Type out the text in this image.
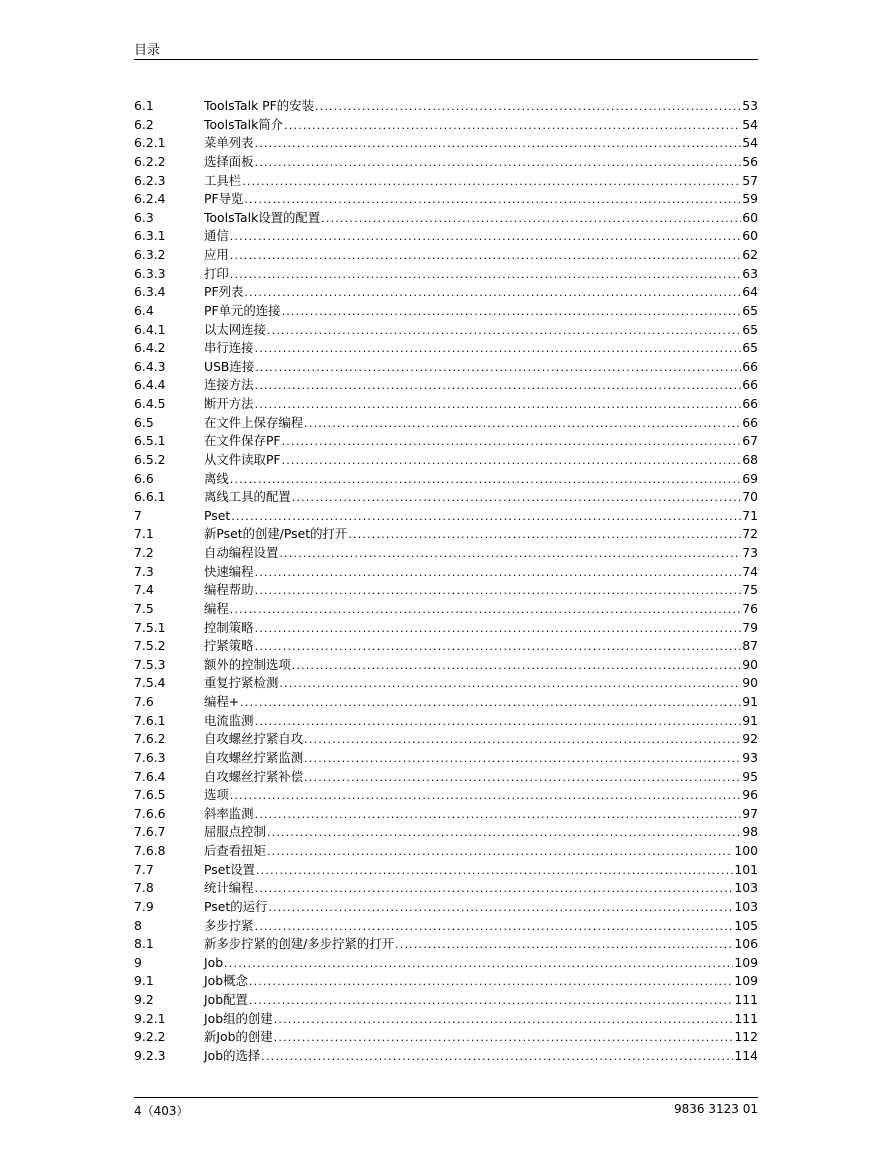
目录
6.1	ToolsTalk PF的安装 .....	53
6.2	ToolsTalk简介 .....	54
6.2.1	菜单列表 .....	54
6.2.2	选择面板 .....	56
6.2.3	工具栏 .....	57
6.2.4	PF导览 .....	59
6.3	ToolsTalk设置的配置 .....	60
6.3.1	通信 .....	60
6.3.2	应用 .....	62
6.3.3	打印 .....	63
6.3.4	PF列表 .....	64
6.4	PF单元的连接 .....	65
6.4.1	以太网连接 .....	65
6.4.2	串行连接 .....	65
6.4.3	USB连接 .....	66
6.4.4	连接方法 .....	66
6.4.5	断开方法 .....	66
6.5	在文件上保存编程 .....	66
6.5.1	在文件保存PF .....	67
6.5.2	从文件读取PF .....	68
6.6	离线 .....	69
6.6.1	离线工具的配置 .....	70
7	Pset .....	71
7.1	新Pset的创建/Pset的打开 .....	72
7.2	自动编程设置 .....	73
7.3	快速编程 .....	74
7.4	编程帮助 .....	75
7.5	编程 .....	76
7.5.1	控制策略 .....	79
7.5.2	拧紧策略 .....	87
7.5.3	额外的控制选项 .....	90
7.5.4	重复拧紧检测 .....	90
7.6	编程+ .....	91
7.6.1	电流监测 .....	91
7.6.2	自攻螺丝拧紧自攻 .....	92
7.6.3	自攻螺丝拧紧监测 .....	93
7.6.4	自攻螺丝拧紧补偿 .....	95
7.6.5	选项 .....	96
7.6.6	斜率监测 .....	97
7.6.7	屈服点控制 .....	98
7.6.8	后查看扭矩 .....	100
7.7	Pset设置 .....	101
7.8	统计编程 .....	103
7.9	Pset的运行 .....	103
8	多步拧紧 .....	105
8.1	新多步拧紧的创建/多步拧紧的打开 .....	106
9	Job .....	109
9.1	Job概念 .....	109
9.2	Job配置 .....	111
9.2.1	Job组的创建 .....	111
9.2.2	新Job的创建 .....	112
9.2.3	Job的选择 .....	114
4（403）	9836 3123 01
